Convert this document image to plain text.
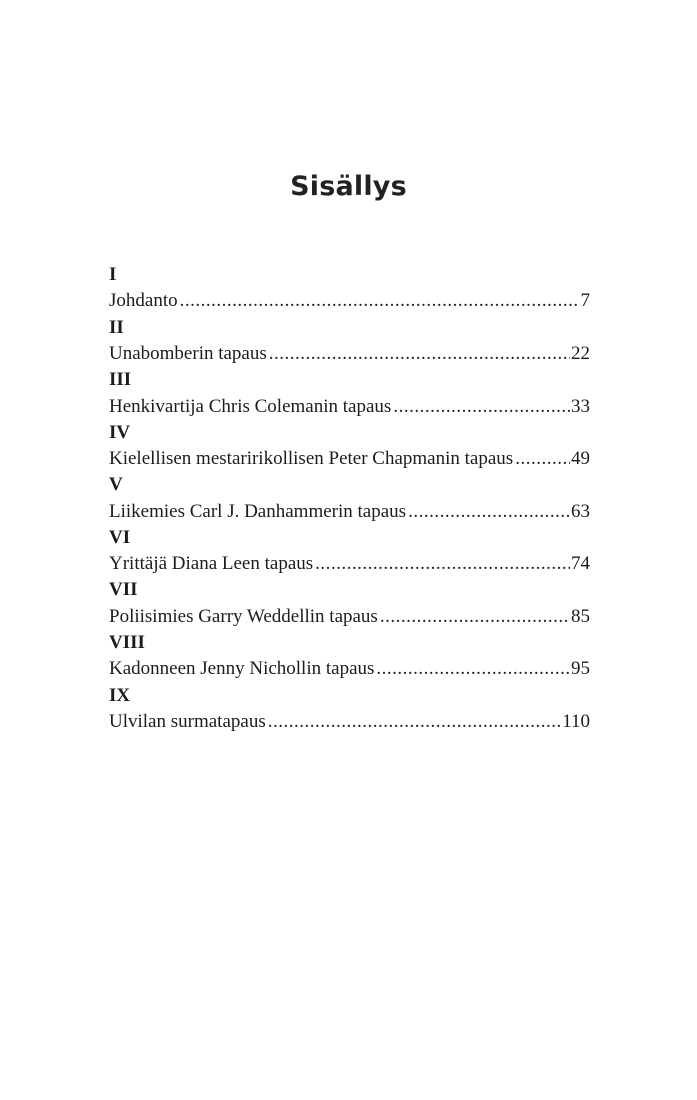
Sisällys
I
Johdanto .....	7
II
Unabomberin tapaus .....	22
III
Henkivartija Chris Colemanin tapaus .....	33
IV
Kielellisen mestaririkollisen Peter Chapmanin tapaus .....	49
V
Liikemies Carl J. Danhammerin tapaus .....	63
VI
Yrittäjä Diana Leen tapaus .....	74
VII
Poliisimies Garry Weddellin tapaus .....	85
VIII
Kadonneen Jenny Nichollin tapaus .....	95
IX
Ulvilan surmatapaus .....	110
